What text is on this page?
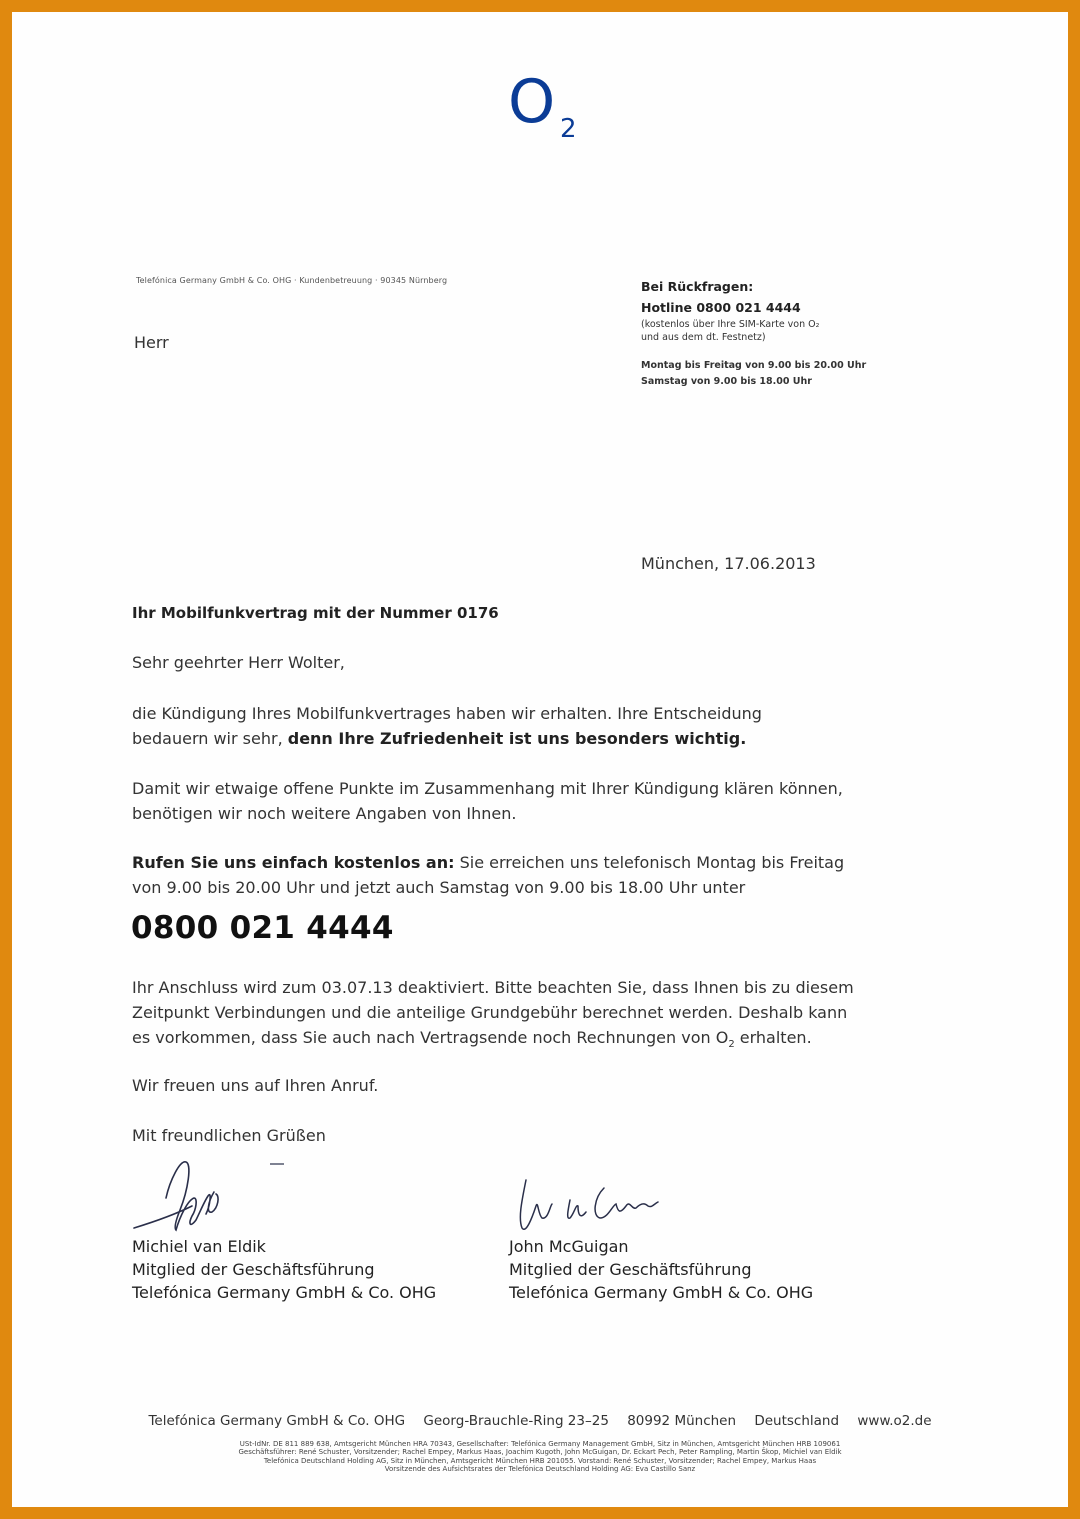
O 2
Telefónica Germany GmbH & Co. OHG · Kundenbetreuung · 90345 Nürnberg
Herr
Bei Rückfragen:
Hotline 0800 021 4444
(kostenlos über Ihre SIM-Karte von O₂
und aus dem dt. Festnetz)
Montag bis Freitag von 9.00 bis 20.00 Uhr
Samstag von 9.00 bis 18.00 Uhr
München, 17.06.2013
Ihr Mobilfunkvertrag mit der Nummer 0176
Sehr geehrter Herr Wolter,
die Kündigung Ihres Mobilfunkvertrages haben wir erhalten. Ihre Entscheidung
bedauern wir sehr, denn Ihre Zufriedenheit ist uns besonders wichtig.
Damit wir etwaige offene Punkte im Zusammenhang mit Ihrer Kündigung klären können,
benötigen wir noch weitere Angaben von Ihnen.
Rufen Sie uns einfach kostenlos an: Sie erreichen uns telefonisch Montag bis Freitag
von 9.00 bis 20.00 Uhr und jetzt auch Samstag von 9.00 bis 18.00 Uhr unter
0800 021 4444
Ihr Anschluss wird zum 03.07.13 deaktiviert. Bitte beachten Sie, dass Ihnen bis zu diesem
Zeitpunkt Verbindungen und die anteilige Grundgebühr berechnet werden. Deshalb kann
es vorkommen, dass Sie auch nach Vertragsende noch Rechnungen von $O_2$ erhalten.
Wir freuen uns auf Ihren Anruf.
Mit freundlichen Grüßen
Michiel van Eldik
Mitglied der Geschäftsführung
Telefónica Germany GmbH & Co. OHG
John McGuigan
Mitglied der Geschäftsführung
Telefónica Germany GmbH & Co. OHG
Telefónica Germany GmbH & Co. OHG Georg-Brauchle-Ring 23–25 80992 München Deutschland www.o2.de
USt-IdNr. DE 811 889 638, Amtsgericht München HRA 70343, Gesellschafter: Telefónica Germany Management GmbH, Sitz in München, Amtsgericht München HRB 109061
Geschäftsführer: René Schuster, Vorsitzender; Rachel Empey, Markus Haas, Joachim Kugoth, John McGuigan, Dr. Eckart Pech, Peter Rampling, Martin Škop, Michiel van Eldik
Telefónica Deutschland Holding AG, Sitz in München, Amtsgericht München HRB 201055. Vorstand: René Schuster, Vorsitzender; Rachel Empey, Markus Haas
Vorsitzende des Aufsichtsrates der Telefónica Deutschland Holding AG: Eva Castillo Sanz
